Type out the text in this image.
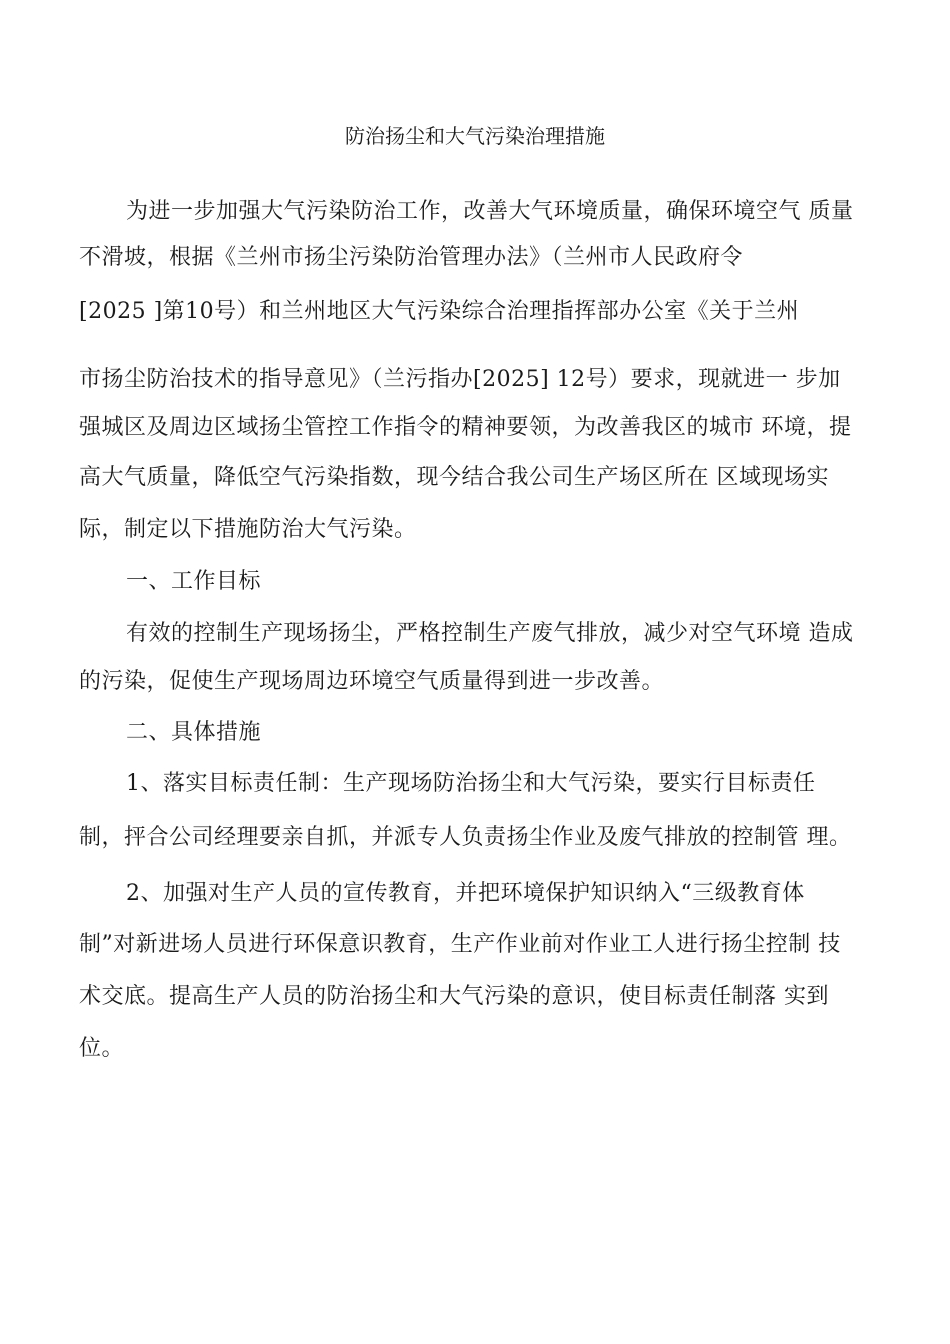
防治扬尘和大气污染治理措施
为进一步加强大气污染防治工作，改善大气环境质量，确保环境空气 质量
不滑坡，根据《兰州市扬尘污染防治管理办法》（兰州市人民政府令
[2025 ]第10号）和兰州地区大气污染综合治理指挥部办公室《关于兰州
市扬尘防治技术的指导意见》（兰污指办[2025] 12号）要求，现就进一 步加
强城区及周边区域扬尘管控工作指令的精神要领，为改善我区的城市 环境，提
高大气质量，降低空气污染指数，现今结合我公司生产场区所在 区域现场实
际，制定以下措施防治大气污染。
一、工作目标
有效的控制生产现场扬尘，严格控制生产废气排放，减少对空气环境 造成
的污染，促使生产现场周边环境空气质量得到进一步改善。
二、具体措施
1、落实目标责任制：生产现场防治扬尘和大气污染，要实行目标责任
制，抨合公司经理要亲自抓，并派专人负责扬尘作业及废气排放的控制管 理。
2、加强对生产人员的宣传教育，并把环境保护知识纳入“三级教育体
制”对新进场人员进行环保意识教育，生产作业前对作业工人进行扬尘控制 技
术交底。提高生产人员的防治扬尘和大气污染的意识，使目标责任制落 实到
位。
